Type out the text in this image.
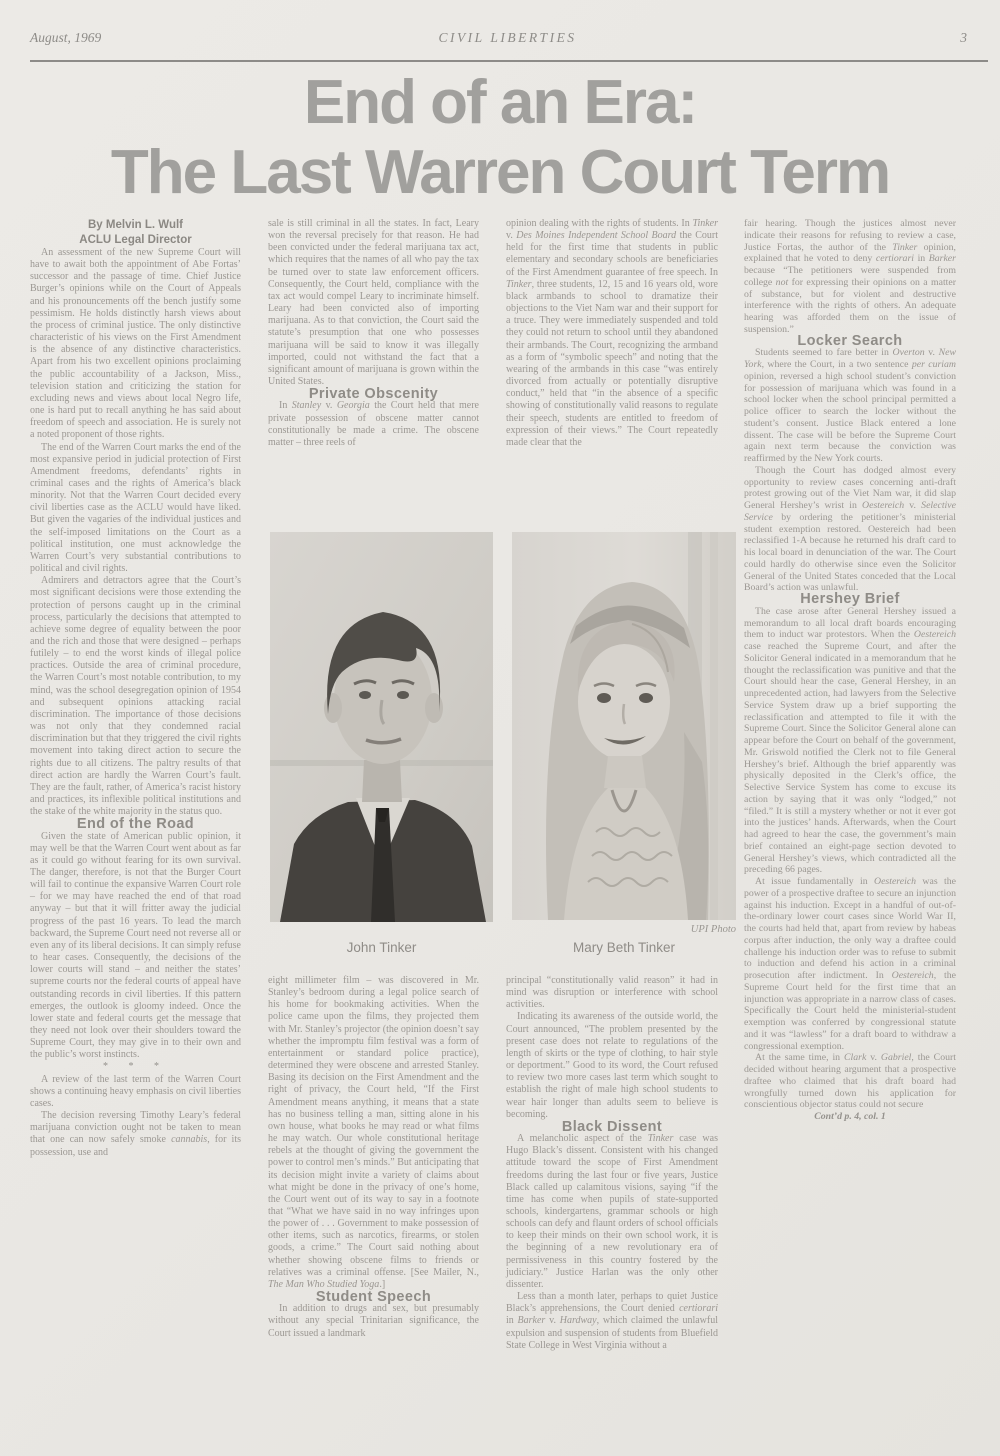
August, 1969	CIVIL LIBERTIES	3
End of an Era:
The Last Warren Court Term

By Melvin L. Wulf
ACLU Legal Director

An assessment of the new Supreme Court will have to await both the appointment of Abe Fortas’ successor and the passage of time. Chief Justice Burger’s opinions while on the Court of Appeals and his pronouncements off the bench justify some pessimism. He holds distinctly harsh views about the process of criminal justice. The only distinctive characteristic of his views on the First Amendment is the absence of any distinctive characteristics. Apart from his two excellent opinions proclaiming the public accountability of a Jackson, Miss., television station and criticizing the station for excluding news and views about local Negro life, one is hard put to recall anything he has said about freedom of speech and association. He is surely not a noted proponent of those rights.

The end of the Warren Court marks the end of the most expansive period in judicial protection of First Amendment freedoms, defendants’ rights in criminal cases and the rights of America’s black minority. Not that the Warren Court decided every civil liberties case as the ACLU would have liked. But given the vagaries of the individual justices and the self-imposed limitations on the Court as a political institution, one must acknowledge the Warren Court’s very substantial contributions to political and civil rights.

Admirers and detractors agree that the Court’s most significant decisions were those extending the protection of persons caught up in the criminal process, particularly the decisions that attempted to achieve some degree of equality between the poor and the rich and those that were designed – perhaps futilely – to end the worst kinds of illegal police practices. Outside the area of criminal procedure, the Warren Court’s most notable contribution, to my mind, was the school desegregation opinion of 1954 and subsequent opinions attacking racial discrimination. The importance of those decisions was not only that they condemned racial discrimination but that they triggered the civil rights movement into taking direct action to secure the rights due to all citizens. The paltry results of that direct action are hardly the Warren Court’s fault. They are the fault, rather, of America’s racist history and practices, its inflexible political institutions and the stake of the white majority in the status quo.

End of the Road

Given the state of American public opinion, it may well be that the Warren Court went about as far as it could go without fearing for its own survival. The danger, therefore, is not that the Burger Court will fail to continue the expansive Warren Court role – for we may have reached the end of that road anyway – but that it will fritter away the judicial progress of the past 16 years. To lead the march backward, the Supreme Court need not reverse all or even any of its liberal decisions. It can simply refuse to hear cases. Consequently, the decisions of the lower courts will stand – and neither the states’ supreme courts nor the federal courts of appeal have outstanding records in civil liberties. If this pattern emerges, the outlook is gloomy indeed. Once the lower state and federal courts get the message that they need not look over their shoulders toward the Supreme Court, they may give in to their own and the public’s worst instincts.

* * *

A review of the last term of the Warren Court shows a continuing heavy emphasis on civil liberties cases.

The decision reversing Timothy Leary’s federal marijuana conviction ought not be taken to mean that one can now safely smoke cannabis, for its possession, use and

sale is still criminal in all the states. In fact, Leary won the reversal precisely for that reason. He had been convicted under the federal marijuana tax act, which requires that the names of all who pay the tax be turned over to state law enforcement officers. Consequently, the Court held, compliance with the tax act would compel Leary to incriminate himself. Leary had been convicted also of importing marijuana. As to that conviction, the Court said the statute’s presumption that one who possesses marijuana will be said to know it was illegally imported, could not withstand the fact that a significant amount of marijuana is grown within the United States.

Private Obscenity

In Stanley v. Georgia the Court held that mere private possession of obscene matter cannot constitutionally be made a crime. The obscene matter – three reels of

opinion dealing with the rights of students. In Tinker v. Des Moines Independent School Board the Court held for the first time that students in public elementary and secondary schools are beneficiaries of the First Amendment guarantee of free speech. In Tinker, three students, 12, 15 and 16 years old, wore black armbands to school to dramatize their objections to the Viet Nam war and their support for a truce. They were immediately suspended and told they could not return to school until they abandoned their armbands. The Court, recognizing the armband as a form of “symbolic speech” and noting that the wearing of the armbands in this case “was entirely divorced from actually or potentially disruptive conduct,” held that “in the absence of a specific showing of constitutionally valid reasons to regulate their speech, students are entitled to freedom of expression of their views.” The Court repeatedly made clear that the

fair hearing. Though the justices almost never indicate their reasons for refusing to review a case, Justice Fortas, the author of the Tinker opinion, explained that he voted to deny certiorari in Barker because “The petitioners were suspended from college not for expressing their opinions on a matter of substance, but for violent and destructive interference with the rights of others. An adequate hearing was afforded them on the issue of suspension.”

Locker Search

Students seemed to fare better in Overton v. New York, where the Court, in a two sentence per curiam opinion, reversed a high school student’s conviction for possession of marijuana which was found in a school locker when the school principal permitted a police officer to search the locker without the student’s consent. Justice Black entered a lone dissent. The case will be before the Supreme Court again next term because the conviction was reaffirmed by the New York courts.

Though the Court has dodged almost every opportunity to review cases concerning anti-draft protest growing out of the Viet Nam war, it did slap General Hershey’s wrist in Oestereich v. Selective Service by ordering the petitioner’s ministerial student exemption restored. Oestereich had been reclassified 1-A because he returned his draft card to his local board in denunciation of the war. The Court could hardly do otherwise since even the Solicitor General of the United States conceded that the Local Board’s action was unlawful.

Hershey Brief

The case arose after General Hershey issued a memorandum to all local draft boards encouraging them to induct war protestors. When the Oestereich case reached the Supreme Court, and after the Solicitor General indicated in a memorandum that he thought the reclassification was punitive and that the Court should hear the case, General Hershey, in an unprecedented action, had lawyers from the Selective Service System draw up a brief supporting the reclassification and attempted to file it with the Supreme Court. Since the Solicitor General alone can appear before the Court on behalf of the government, Mr. Griswold notified the Clerk not to file General Hershey’s brief. Although the brief apparently was physically deposited in the Clerk’s office, the Selective Service System has come to excuse its action by saying that it was only “lodged,” not “filed.” It is still a mystery whether or not it ever got into the justices’ hands. Afterwards, when the Court had agreed to hear the case, the government’s main brief contained an eight-page section devoted to General Hershey’s views, which contradicted all the preceding 66 pages.

At issue fundamentally in Oestereich was the power of a prospective draftee to secure an injunction against his induction. Except in a handful of out-of-the-ordinary lower court cases since World War II, the courts had held that, apart from review by habeas corpus after induction, the only way a draftee could challenge his induction order was to refuse to submit to induction and defend his action in a criminal prosecution after indictment. In Oestereich, the Supreme Court held for the first time that an injunction was appropriate in a narrow class of cases. Specifically the Court held the ministerial-student exemption was conferred by congressional statute and it was “lawless” for a draft board to withdraw a congressional exemption.

At the same time, in Clark v. Gabriel, the Court decided without hearing argument that a prospective draftee who claimed that his draft board had wrongfully turned down his application for conscientious objector status could not secure

Cont’d p. 4, col. 1

UPI Photo
John Tinker	Mary Beth Tinker

eight millimeter film – was discovered in Mr. Stanley’s bedroom during a legal police search of his home for bookmaking activities. When the police came upon the films, they projected them with Mr. Stanley’s projector (the opinion doesn’t say whether the impromptu film festival was a form of entertainment or standard police practice), determined they were obscene and arrested Stanley. Basing its decision on the First Amendment and the right of privacy, the Court held, “If the First Amendment means anything, it means that a state has no business telling a man, sitting alone in his own house, what books he may read or what films he may watch. Our whole constitutional heritage rebels at the thought of giving the government the power to control men’s minds.” But anticipating that its decision might invite a variety of claims about what might be done in the privacy of one’s home, the Court went out of its way to say in a footnote that “What we have said in no way infringes upon the power of . . . Government to make possession of other items, such as narcotics, firearms, or stolen goods, a crime.” The Court said nothing about whether showing obscene films to friends or relatives was a criminal offense. [See Mailer, N., The Man Who Studied Yoga.]

Student Speech

In addition to drugs and sex, but presumably without any special Trinitarian significance, the Court issued a landmark

principal “constitutionally valid reason” it had in mind was disruption or interference with school activities.

Indicating its awareness of the outside world, the Court announced, “The problem presented by the present case does not relate to regulations of the length of skirts or the type of clothing, to hair style or deportment.” Good to its word, the Court refused to review two more cases last term which sought to establish the right of male high school students to wear hair longer than adults seem to believe is becoming.

Black Dissent

A melancholic aspect of the Tinker case was Hugo Black’s dissent. Consistent with his changed attitude toward the scope of First Amendment freedoms during the last four or five years, Justice Black called up calamitous visions, saying “if the time has come when pupils of state-supported schools, kindergartens, grammar schools or high schools can defy and flaunt orders of school officials to keep their minds on their own school work, it is the beginning of a new revolutionary era of permissiveness in this country fostered by the judiciary.” Justice Harlan was the only other dissenter.

Less than a month later, perhaps to quiet Justice Black’s apprehensions, the Court denied certiorari in Barker v. Hardway, which claimed the unlawful expulsion and suspension of students from Bluefield State College in West Virginia without a
